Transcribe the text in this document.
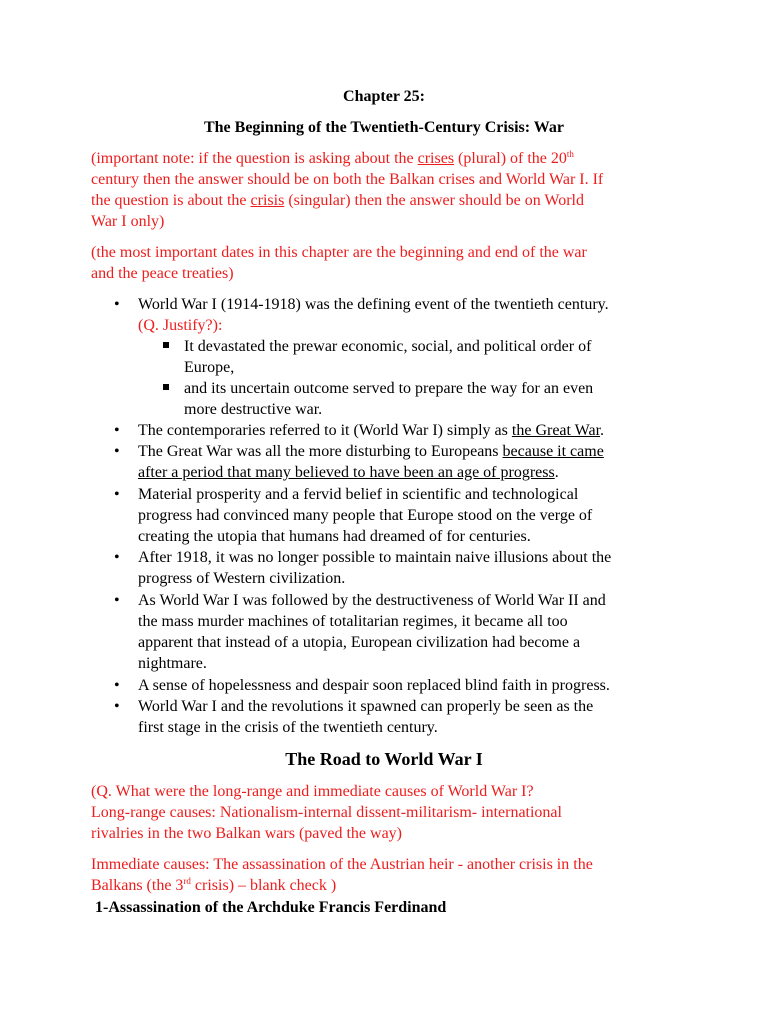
Chapter 25:
The Beginning of the Twentieth-Century Crisis: War
(important note: if the question is asking about the crises (plural) of the 20th
century then the answer should be on both the Balkan crises and World War I. If
the question is about the crisis (singular) then the answer should be on World
War I only)
(the most important dates in this chapter are the beginning and end of the war
and the peace treaties)
• World War I (1914-1918) was the defining event of the twentieth century.
(Q. Justify?):
It devastated the prewar economic, social, and political order of
Europe,
and its uncertain outcome served to prepare the way for an even
more destructive war.
• The contemporaries referred to it (World War I) simply as the Great War.
• The Great War was all the more disturbing to Europeans because it came
after a period that many believed to have been an age of progress.
• Material prosperity and a fervid belief in scientific and technological
progress had convinced many people that Europe stood on the verge of
creating the utopia that humans had dreamed of for centuries.
• After 1918, it was no longer possible to maintain naive illusions about the
progress of Western civilization.
• As World War I was followed by the destructiveness of World War II and
the mass murder machines of totalitarian regimes, it became all too
apparent that instead of a utopia, European civilization had become a
nightmare.
• A sense of hopelessness and despair soon replaced blind faith in progress.
• World War I and the revolutions it spawned can properly be seen as the
first stage in the crisis of the twentieth century.
The Road to World War I
(Q. What were the long-range and immediate causes of World War I?
Long-range causes: Nationalism-internal dissent-militarism- international
rivalries in the two Balkan wars (paved the way)
Immediate causes: The assassination of the Austrian heir - another crisis in the
Balkans (the 3rd crisis) – blank check )
1-Assassination of the Archduke Francis Ferdinand
